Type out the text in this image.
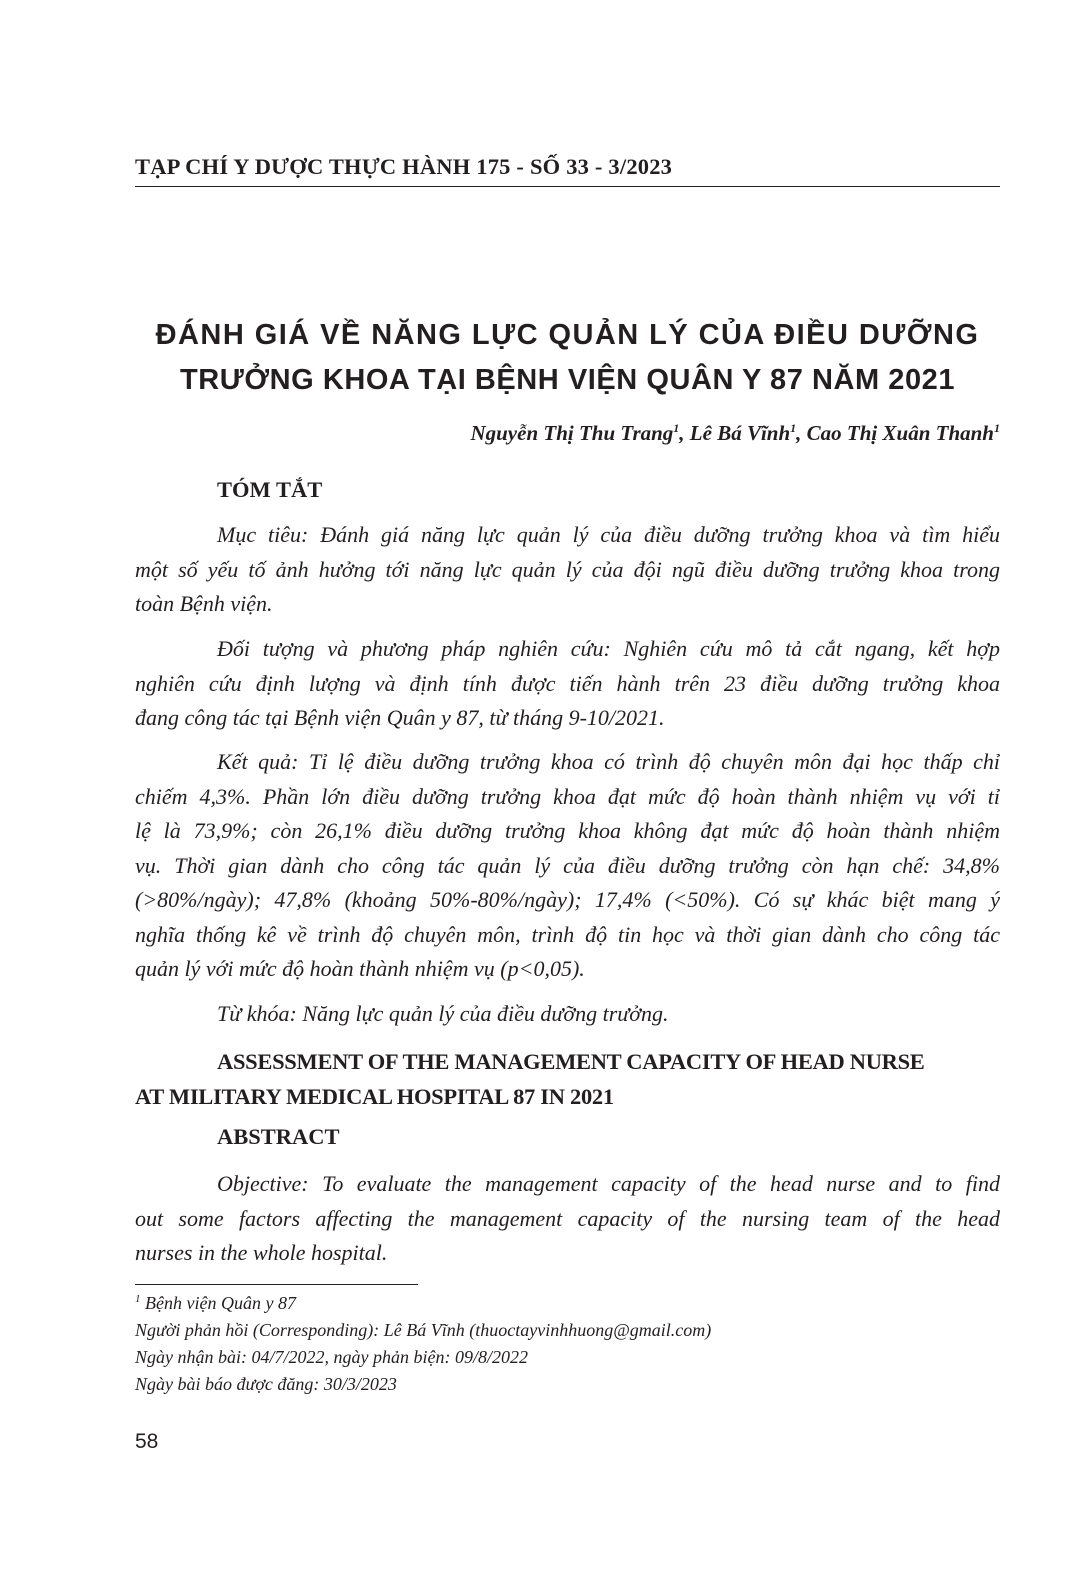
TẠP CHÍ Y DƯỢC THỰC HÀNH 175 - SỐ 33 - 3/2023
ĐÁNH GIÁ VỀ NĂNG LỰC QUẢN LÝ CỦA ĐIỀU DƯỠNG
TRƯỞNG KHOA TẠI BỆNH VIỆN QUÂN Y 87 NĂM 2021
Nguyễn Thị Thu Trang$^1$, Lê Bá Vĩnh$^1$, Cao Thị Xuân Thanh$^1$
TÓM TẮT
Mục tiêu: Đánh giá năng lực quản lý của điều dưỡng trưởng khoa và tìm hiểu
một số yếu tố ảnh hưởng tới năng lực quản lý của đội ngũ điều dưỡng trưởng khoa trong
toàn Bệnh viện.
Đối tượng và phương pháp nghiên cứu: Nghiên cứu mô tả cắt ngang, kết hợp
nghiên cứu định lượng và định tính được tiến hành trên 23 điều dưỡng trưởng khoa
đang công tác tại Bệnh viện Quân y 87, từ tháng 9-10/2021.
Kết quả: Tỉ lệ điều dưỡng trưởng khoa có trình độ chuyên môn đại học thấp chỉ
chiếm 4,3%. Phần lớn điều dưỡng trưởng khoa đạt mức độ hoàn thành nhiệm vụ với tỉ
lệ là 73,9%; còn 26,1% điều dưỡng trưởng khoa không đạt mức độ hoàn thành nhiệm
vụ. Thời gian dành cho công tác quản lý của điều dưỡng trưởng còn hạn chế: 34,8%
(>80%/ngày); 47,8% (khoảng 50%-80%/ngày); 17,4% (<50%). Có sự khác biệt mang ý
nghĩa thống kê về trình độ chuyên môn, trình độ tin học và thời gian dành cho công tác
quản lý với mức độ hoàn thành nhiệm vụ (p<0,05).
Từ khóa: Năng lực quản lý của điều dưỡng trưởng.
ASSESSMENT OF THE MANAGEMENT CAPACITY OF HEAD NURSE
AT MILITARY MEDICAL HOSPITAL 87 IN 2021
ABSTRACT
Objective: To evaluate the management capacity of the head nurse and to find
out some factors affecting the management capacity of the nursing team of the head
nurses in the whole hospital.
$^1$ Bệnh viện Quân y 87
Người phản hồi (Corresponding): Lê Bá Vĩnh (thuoctayvinhhuong@gmail.com)
Ngày nhận bài: 04/7/2022, ngày phản biện: 09/8/2022
Ngày bài báo được đăng: 30/3/2023
58
